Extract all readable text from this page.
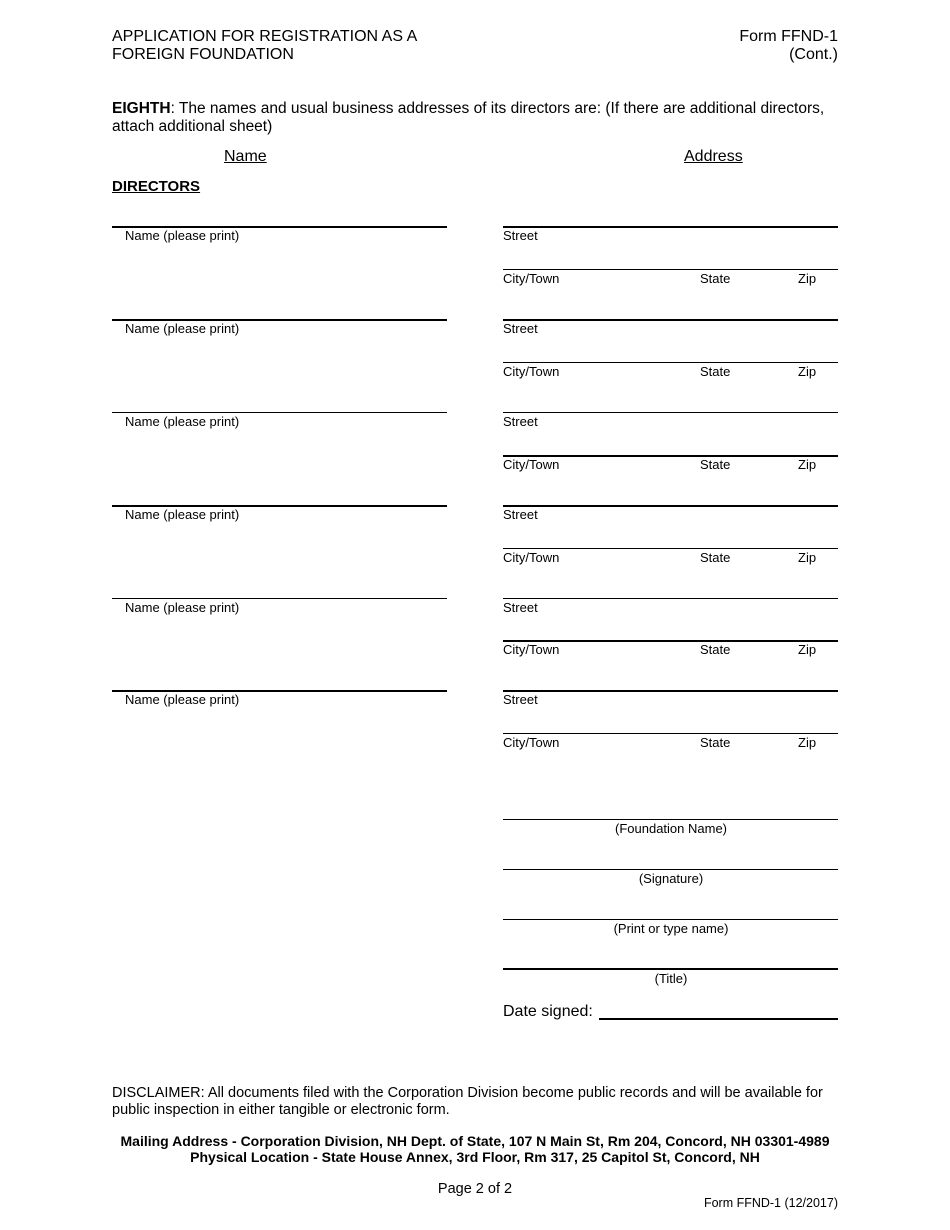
APPLICATION FOR REGISTRATION AS A
FOREIGN FOUNDATION
Form FFND-1
(Cont.)
EIGHTH: The names and usual business addresses of its directors are: (If there are additional directors,
attach additional sheet)
Name	Address
DIRECTORS
Name (please print)	Street
City/Town	State	Zip
Name (please print)	Street
City/Town	State	Zip
Name (please print)	Street
City/Town	State	Zip
Name (please print)	Street
City/Town	State	Zip
Name (please print)	Street
City/Town	State	Zip
Name (please print)	Street
City/Town	State	Zip
(Foundation Name)
(Signature)
(Print or type name)
(Title)
Date signed:
DISCLAIMER: All documents filed with the Corporation Division become public records and will be available for
public inspection in either tangible or electronic form.
Mailing Address - Corporation Division, NH Dept. of State, 107 N Main St, Rm 204, Concord, NH 03301-4989
Physical Location - State House Annex, 3rd Floor, Rm 317, 25 Capitol St, Concord, NH
Page 2 of 2
Form FFND-1 (12/2017)
